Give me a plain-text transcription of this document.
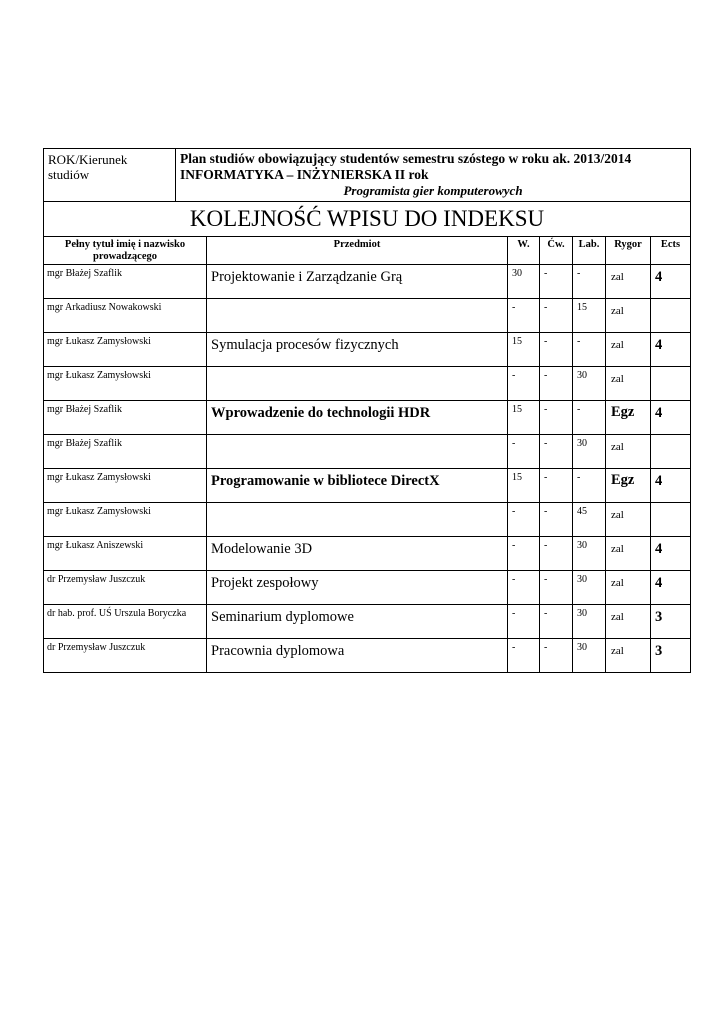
ROK/Kierunek studiów	
Plan studiów obowiązujący studentów semestru szóstego w roku ak. 2013/2014
INFORMATYKA – INŻYNIERSKA II rok
Programista gier komputerowych
KOLEJNOŚĆ WPISU DO INDEKSU						
Pełny tytuł imię i nazwisko prowadzącego	Przedmiot	W.	Ćw.	Lab.	Rygor	Ects
mgr Błażej Szaflik	Projektowanie i Zarządzanie Grą	30	-	-	zal	4
mgr Arkadiusz Nowakowski		-	-	15	zal	
mgr Łukasz Zamysłowski	Symulacja procesów fizycznych	15	-	-	zal	4
mgr Łukasz Zamysłowski		-	-	30	zal	
mgr Błażej Szaflik	Wprowadzenie do technologii HDR	15	-	-	Egz	4
mgr Błażej Szaflik		-	-	30	zal	
mgr Łukasz Zamysłowski	Programowanie w bibliotece DirectX	15	-	-	Egz	4
mgr Łukasz Zamysłowski		-	-	45	zal	
mgr Łukasz Aniszewski	Modelowanie 3D	-	-	30	zal	4
dr Przemysław Juszczuk	Projekt zespołowy	-	-	30	zal	4
dr hab. prof. UŚ Urszula Boryczka	Seminarium dyplomowe	-	-	30	zal	3
dr Przemysław Juszczuk	Pracownia dyplomowa	-	-	30	zal	3
